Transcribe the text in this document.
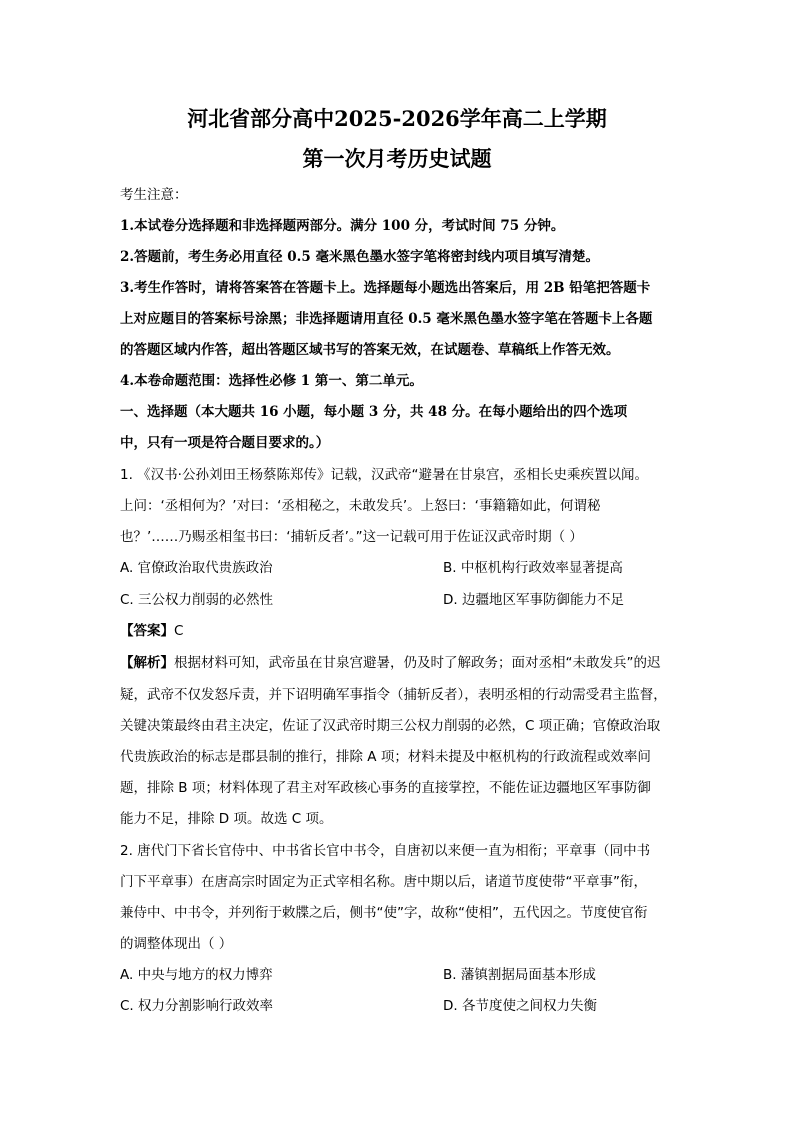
河北省部分高中2025-2026学年高二上学期
第一次月考历史试题
考生注意：
1.本试卷分选择题和非选择题两部分。满分 100 分，考试时间 75 分钟。
2.答题前，考生务必用直径 0.5 毫米黑色墨水签字笔将密封线内项目填写清楚。
3.考生作答时，请将答案答在答题卡上。选择题每小题选出答案后，用 2B 铅笔把答题卡
上对应题目的答案标号涂黑；非选择题请用直径 0.5 毫米黑色墨水签字笔在答题卡上各题
的答题区域内作答，超出答题区域书写的答案无效，在试题卷、草稿纸上作答无效。
4.本卷命题范围：选择性必修 1 第一、第二单元。
一、选择题（本大题共 16 小题，每小题 3 分，共 48 分。在每小题给出的四个选项
中，只有一项是符合题目要求的。）
1. 《汉书·公孙刘田王杨蔡陈郑传》记载，汉武帝“避暑在甘泉宫，丞相长史乘疾置以闻。
上问：‘丞相何为？’对曰：‘丞相秘之，未敢发兵’。上怒曰：‘事籍籍如此，何谓秘
也？’……乃赐丞相玺书曰：‘捕斩反者’。”这一记载可用于佐证汉武帝时期（ ）
A. 官僚政治取代贵族政治	B. 中枢机构行政效率显著提高
C. 三公权力削弱的必然性	D. 边疆地区军事防御能力不足
【答案】C
【解析】根据材料可知，武帝虽在甘泉宫避暑，仍及时了解政务；面对丞相“未敢发兵”的迟
疑，武帝不仅发怒斥责，并下诏明确军事指令（捕斩反者），表明丞相的行动需受君主监督，
关键决策最终由君主决定，佐证了汉武帝时期三公权力削弱的必然，C 项正确；官僚政治取
代贵族政治的标志是郡县制的推行，排除 A 项；材料未提及中枢机构的行政流程或效率问
题，排除 B 项；材料体现了君主对军政核心事务的直接掌控，不能佐证边疆地区军事防御
能力不足，排除 D 项。故选 C 项。
2. 唐代门下省长官侍中、中书省长官中书令，自唐初以来便一直为相衔；平章事（同中书
门下平章事）在唐高宗时固定为正式宰相名称。唐中期以后，诸道节度使带“平章事”衔，
兼侍中、中书令，并列衔于敕牒之后，侧书“使”字，故称“使相”，五代因之。节度使官衔
的调整体现出（ ）
A. 中央与地方的权力博弈	B. 藩镇割据局面基本形成
C. 权力分割影响行政效率	D. 各节度使之间权力失衡
